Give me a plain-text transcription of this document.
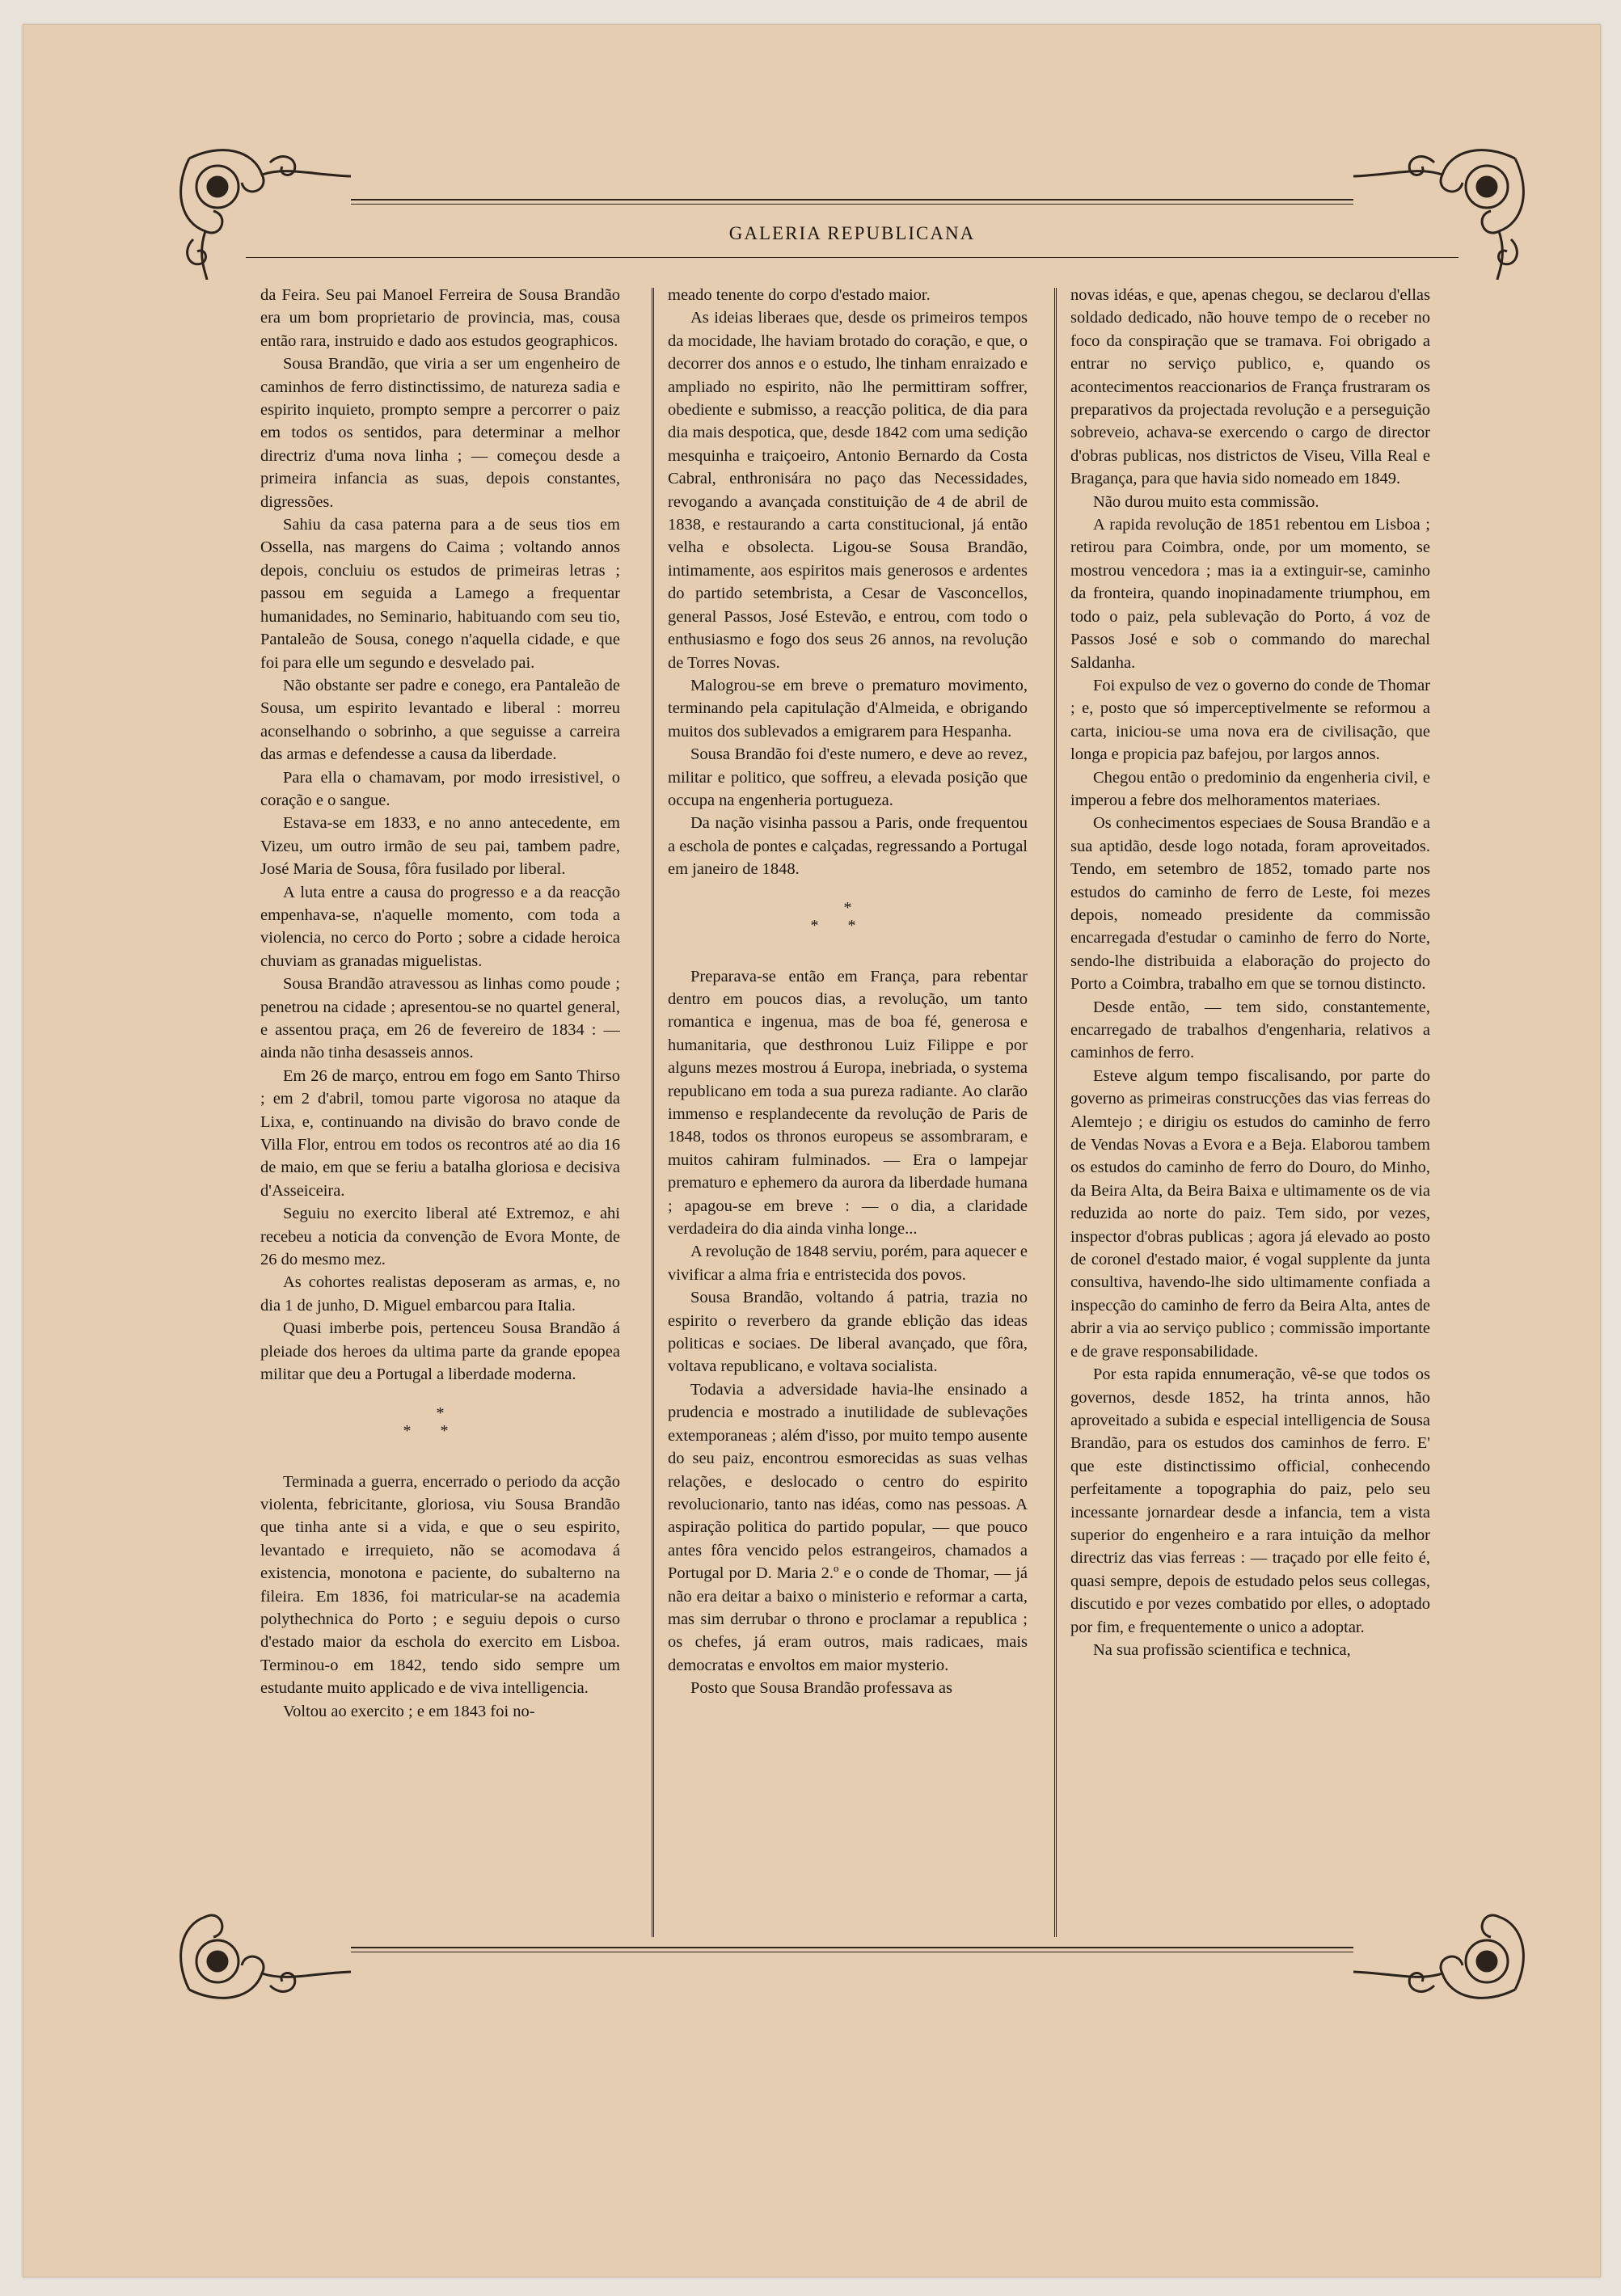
GALERIA REPUBLICANA

da Feira. Seu pai Manoel Ferreira de Sousa Brandão era um bom proprietario de provincia, mas, cousa então rara, instruido e dado aos estudos geographicos.

Sousa Brandão, que viria a ser um engenheiro de caminhos de ferro distinctissimo, de natureza sadia e espirito inquieto, prompto sempre a percorrer o paiz em todos os sentidos, para determinar a melhor directriz d'uma nova linha ; — começou desde a primeira infancia as suas, depois constantes, digressões.

Sahiu da casa paterna para a de seus tios em Ossella, nas margens do Caima ; voltando annos depois, concluiu os estudos de primeiras letras ; passou em seguida a Lamego a frequentar humanidades, no Seminario, habituando com seu tio, Pantaleão de Sousa, conego n'aquella cidade, e que foi para elle um segundo e desvelado pai.

Não obstante ser padre e conego, era Pantaleão de Sousa, um espirito levantado e liberal : morreu aconselhando o sobrinho, a que seguisse a carreira das armas e defendesse a causa da liberdade.

Para ella o chamavam, por modo irresistivel, o coração e o sangue.

Estava-se em 1833, e no anno antecedente, em Vizeu, um outro irmão de seu pai, tambem padre, José Maria de Sousa, fôra fusilado por liberal.

A luta entre a causa do progresso e a da reacção empenhava-se, n'aquelle momento, com toda a violencia, no cerco do Porto ; sobre a cidade heroica chuviam as granadas miguelistas.

Sousa Brandão atravessou as linhas como poude ; penetrou na cidade ; apresentou-se no quartel general, e assentou praça, em 26 de fevereiro de 1834 : — ainda não tinha desasseis annos.

Em 26 de março, entrou em fogo em Santo Thirso ; em 2 d'abril, tomou parte vigorosa no ataque da Lixa, e, continuando na divisão do bravo conde de Villa Flor, entrou em todos os recontros até ao dia 16 de maio, em que se feriu a batalha gloriosa e decisiva d'Asseiceira.

Seguiu no exercito liberal até Extremoz, e ahi recebeu a noticia da convenção de Evora Monte, de 26 do mesmo mez.

As cohortes realistas deposeram as armas, e, no dia 1 de junho, D. Miguel embarcou para Italia.

Quasi imberbe pois, pertenceu Sousa Brandão á pleiade dos heroes da ultima parte da grande epopea militar que deu a Portugal a liberdade moderna.

*
**

Terminada a guerra, encerrado o periodo da acção violenta, febricitante, gloriosa, viu Sousa Brandão que tinha ante si a vida, e que o seu espirito, levantado e irrequieto, não se acomodava á existencia, monotona e paciente, do subalterno na fileira. Em 1836, foi matricular-se na academia polythechnica do Porto ; e seguiu depois o curso d'estado maior da eschola do exercito em Lisboa. Terminou-o em 1842, tendo sido sempre um estudante muito applicado e de viva intelligencia.

Voltou ao exercito ; e em 1843 foi no-

meado tenente do corpo d'estado maior.

As ideias liberaes que, desde os primeiros tempos da mocidade, lhe haviam brotado do coração, e que, o decorrer dos annos e o estudo, lhe tinham enraizado e ampliado no espirito, não lhe permittiram soffrer, obediente e submisso, a reacção politica, de dia para dia mais despotica, que, desde 1842 com uma sedição mesquinha e traiçoeiro, Antonio Bernardo da Costa Cabral, enthronisára no paço das Necessidades, revogando a avançada constituição de 4 de abril de 1838, e restaurando a carta constitucional, já então velha e obsolecta. Ligou-se Sousa Brandão, intimamente, aos espiritos mais generosos e ardentes do partido setembrista, a Cesar de Vasconcellos, general Passos, José Estevão, e entrou, com todo o enthusiasmo e fogo dos seus 26 annos, na revolução de Torres Novas.

Malogrou-se em breve o prematuro movimento, terminando pela capitulação d'Almeida, e obrigando muitos dos sublevados a emigrarem para Hespanha.

Sousa Brandão foi d'este numero, e deve ao revez, militar e politico, que soffreu, a elevada posição que occupa na engenheria portugueza.

Da nação visinha passou a Paris, onde frequentou a eschola de pontes e calçadas, regressando a Portugal em janeiro de 1848.

*
**

Preparava-se então em França, para rebentar dentro em poucos dias, a revolução, um tanto romantica e ingenua, mas de boa fé, generosa e humanitaria, que desthronou Luiz Filippe e por alguns mezes mostrou á Europa, inebriada, o systema republicano em toda a sua pureza radiante. Ao clarão immenso e resplandecente da revolução de Paris de 1848, todos os thronos europeus se assombraram, e muitos cahiram fulminados. — Era o lampejar prematuro e ephemero da aurora da liberdade humana ; apagou-se em breve : — o dia, a claridade verdadeira do dia ainda vinha longe...

A revolução de 1848 serviu, porém, para aquecer e vivificar a alma fria e entristecida dos povos.

Sousa Brandão, voltando á patria, trazia no espirito o reverbero da grande eblição das ideas politicas e sociaes. De liberal avançado, que fôra, voltava republicano, e voltava socialista.

Todavia a adversidade havia-lhe ensinado a prudencia e mostrado a inutilidade de sublevações extemporaneas ; além d'isso, por muito tempo ausente do seu paiz, encontrou esmorecidas as suas velhas relações, e deslocado o centro do espirito revolucionario, tanto nas idéas, como nas pessoas. A aspiração politica do partido popular, — que pouco antes fôra vencido pelos estrangeiros, chamados a Portugal por D. Maria 2.º e o conde de Thomar, — já não era deitar a baixo o ministerio e reformar a carta, mas sim derrubar o throno e proclamar a republica ; os chefes, já eram outros, mais radicaes, mais democratas e envoltos em maior mysterio.

Posto que Sousa Brandão professava as

novas idéas, e que, apenas chegou, se declarou d'ellas soldado dedicado, não houve tempo de o receber no foco da conspiração que se tramava. Foi obrigado a entrar no serviço publico, e, quando os acontecimentos reaccionarios de França frustraram os preparativos da projectada revolução e a perseguição sobreveio, achava-se exercendo o cargo de director d'obras publicas, nos districtos de Viseu, Villa Real e Bragança, para que havia sido nomeado em 1849.

Não durou muito esta commissão.

A rapida revolução de 1851 rebentou em Lisboa ; retirou para Coimbra, onde, por um momento, se mostrou vencedora ; mas ia a extinguir-se, caminho da fronteira, quando inopinadamente triumphou, em todo o paiz, pela sublevação do Porto, á voz de Passos José e sob o commando do marechal Saldanha.

Foi expulso de vez o governo do conde de Thomar ; e, posto que só imperceptivelmente se reformou a carta, iniciou-se uma nova era de civilisação, que longa e propicia paz bafejou, por largos annos.

Chegou então o predominio da engenheria civil, e imperou a febre dos melhoramentos materiaes.

Os conhecimentos especiaes de Sousa Brandão e a sua aptidão, desde logo notada, foram aproveitados. Tendo, em setembro de 1852, tomado parte nos estudos do caminho de ferro de Leste, foi mezes depois, nomeado presidente da commissão encarregada d'estudar o caminho de ferro do Norte, sendo-lhe distribuida a elaboração do projecto do Porto a Coimbra, trabalho em que se tornou distincto.

Desde então, — tem sido, constantemente, encarregado de trabalhos d'engenharia, relativos a caminhos de ferro.

Esteve algum tempo fiscalisando, por parte do governo as primeiras construcções das vias ferreas do Alemtejo ; e dirigiu os estudos do caminho de ferro de Vendas Novas a Evora e a Beja. Elaborou tambem os estudos do caminho de ferro do Douro, do Minho, da Beira Alta, da Beira Baixa e ultimamente os de via reduzida ao norte do paiz. Tem sido, por vezes, inspector d'obras publicas ; agora já elevado ao posto de coronel d'estado maior, é vogal supplente da junta consultiva, havendo-lhe sido ultimamente confiada a inspecção do caminho de ferro da Beira Alta, antes de abrir a via ao serviço publico ; commissão importante e de grave responsabilidade.

Por esta rapida ennumeração, vê-se que todos os governos, desde 1852, ha trinta annos, hão aproveitado a subida e especial intelligencia de Sousa Brandão, para os estudos dos caminhos de ferro. E' que este distinctissimo official, conhecendo perfeitamente a topographia do paiz, pelo seu incessante jornardear desde a infancia, tem a vista superior do engenheiro e a rara intuição da melhor directriz das vias ferreas : — traçado por elle feito é, quasi sempre, depois de estudado pelos seus collegas, discutido e por vezes combatido por elles, o adoptado por fim, e frequentemente o unico a adoptar.

Na sua profissão scientifica e technica,
